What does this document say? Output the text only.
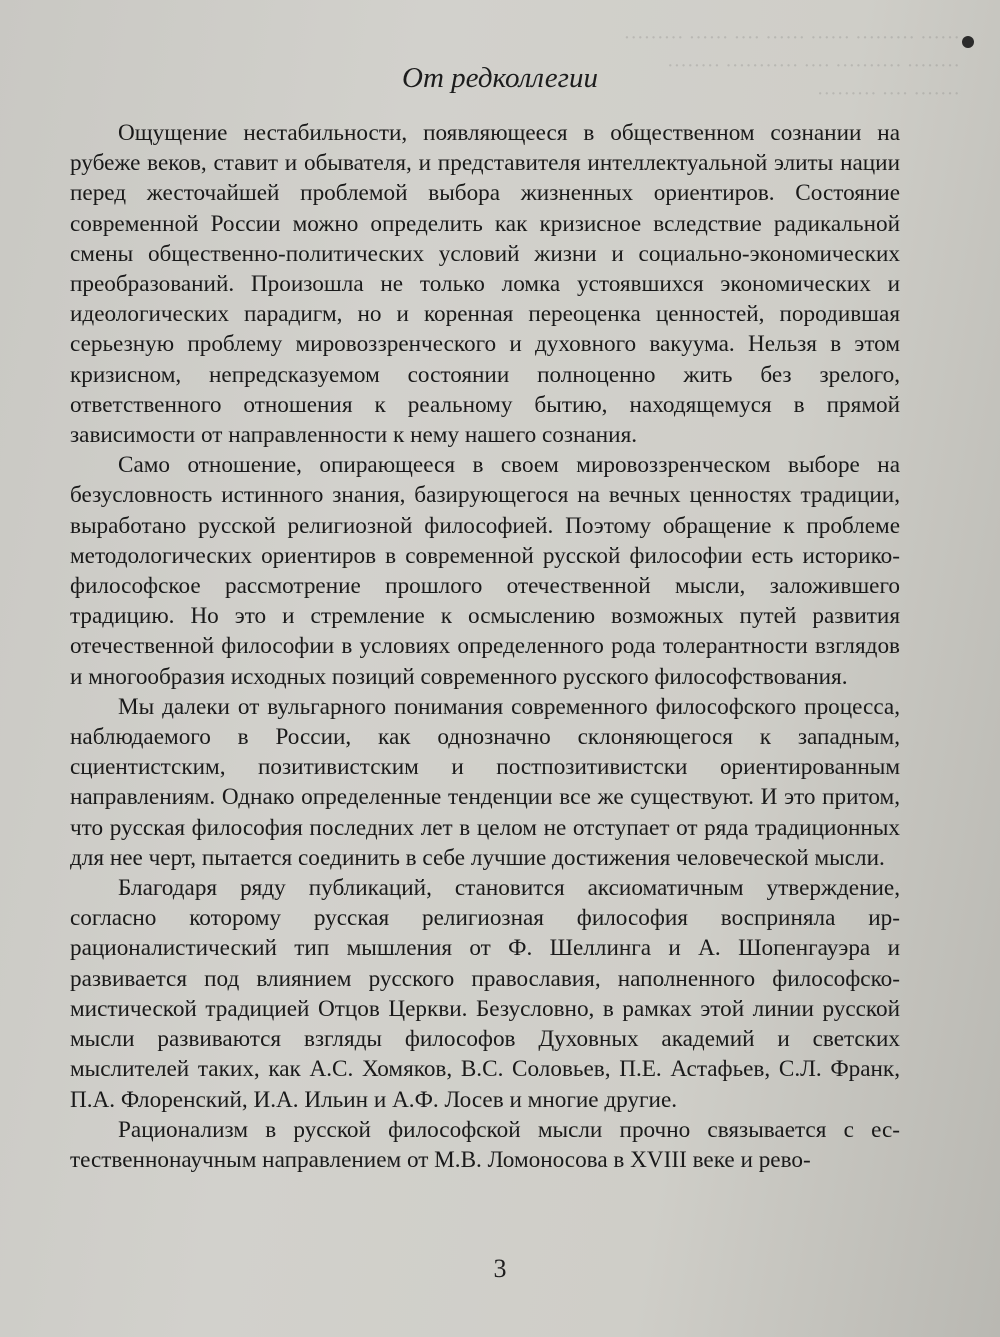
······ ········· ······ ······ ···· ······ ·········
········ ·········· ···· ··········· ········
······· ···· ·········
От редколлегии

Ощущение нестабильности, появляющееся в общественном сознании на рубеже веков, ставит и обывателя, и представителя интеллектуальной элиты нации перед жесточайшей проблемой выбора жизненных ориентиров. Состояние современной России можно определить как кризисное вследствие радикальной смены общественно-политических условий жизни и социально-экономических преобразований. Произошла не только ломка устоявшихся экономических и идеологических парадигм, но и коренная переоценка ценностей, породившая серьезную проблему мировоззренческого и духовного вакуума. Нельзя в этом кризисном, непредсказуемом состоянии полноценно жить без зрелого, ответственного отношения к реальному бытию, находящемуся в прямой зависимости от направленности к нему нашего сознания.

Само отношение, опирающееся в своем мировоззренческом выборе на безусловность истинного знания, базирующегося на вечных ценностях традиции, выработано русской религиозной философией. Поэтому обращение к проблеме методологических ориентиров в современной русской философии есть историко-философское рассмотрение прошлого отечественной мысли, заложившего традицию. Но это и стремление к осмыслению возможных путей развития отечественной философии в условиях определенного рода толерантности взглядов и многообразия исходных позиций современного русского философствования.

Мы далеки от вульгарного понимания современного философского процесса, наблюдаемого в России, как однозначно склоняющегося к западным, сциентистским, позитивистским и постпозитивистски ориентированным направлениям. Однако определенные тенденции все же существуют. И это притом, что русская философия последних лет в целом не отступает от ряда традиционных для нее черт, пытается соединить в себе лучшие достижения человеческой мысли.

Благодаря ряду публикаций, становится аксиоматичным утверждение, согласно которому русская религиозная философия восприняла иррационалистический тип мышления от Ф. Шеллинга и А. Шопенгауэра и развивается под влиянием русского православия, наполненного философско-мистической традицией Отцов Церкви. Безусловно, в рамках этой линии русской мысли развиваются взгляды философов Духовных академий и светских мыслителей таких, как А.С. Хомяков, В.С. Соловьев, П.Е. Астафьев, С.Л. Франк, П.А. Флоренский, И.А. Ильин и А.Ф. Лосев и многие другие.

Рационализм в русской философской мысли прочно связывается с естественнонаучным направлением от М.В. Ломоносова в XVIII веке и рево-

3
